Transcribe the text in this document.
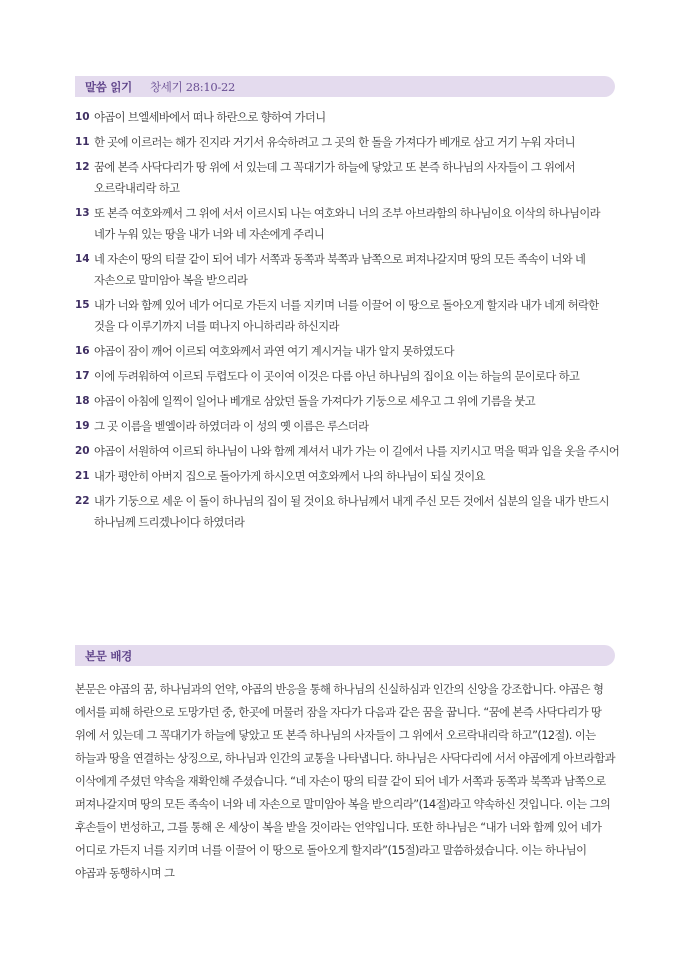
말씀 읽기 창세기 28:10-22
10 야곱이 브엘세바에서 떠나 하란으로 향하여 가더니
11 한 곳에 이르러는 해가 진지라 거기서 유숙하려고 그 곳의 한 돌을 가져다가 베개로 삼고 거기 누워 자더니
12 꿈에 본즉 사닥다리가 땅 위에 서 있는데 그 꼭대기가 하늘에 닿았고 또 본즉 하나님의 사자들이 그 위에서 오르락내리락 하고
13 또 본즉 여호와께서 그 위에 서서 이르시되 나는 여호와니 너의 조부 아브라함의 하나님이요 이삭의 하나님이라 네가 누워 있는 땅을 내가 너와 네 자손에게 주리니
14 네 자손이 땅의 티끌 같이 되어 네가 서쪽과 동쪽과 북쪽과 남쪽으로 퍼져나갈지며 땅의 모든 족속이 너와 네 자손으로 말미암아 복을 받으리라
15 내가 너와 함께 있어 네가 어디로 가든지 너를 지키며 너를 이끌어 이 땅으로 돌아오게 할지라 내가 네게 허락한 것을 다 이루기까지 너를 떠나지 아니하리라 하신지라
16 야곱이 잠이 깨어 이르되 여호와께서 과연 여기 계시거늘 내가 알지 못하였도다
17 이에 두려워하여 이르되 두렵도다 이 곳이여 이것은 다름 아닌 하나님의 집이요 이는 하늘의 문이로다 하고
18 야곱이 아침에 일찍이 일어나 베개로 삼았던 돌을 가져다가 기둥으로 세우고 그 위에 기름을 붓고
19 그 곳 이름을 벧엘이라 하였더라 이 성의 옛 이름은 루스더라
20 야곱이 서원하여 이르되 하나님이 나와 함께 계셔서 내가 가는 이 길에서 나를 지키시고 먹을 떡과 입을 옷을 주시어
21 내가 평안히 아버지 집으로 돌아가게 하시오면 여호와께서 나의 하나님이 되실 것이요
22 내가 기둥으로 세운 이 돌이 하나님의 집이 될 것이요 하나님께서 내게 주신 모든 것에서 십분의 일을 내가 반드시 하나님께 드리겠나이다 하였더라
본문 배경
본문은 야곱의 꿈, 하나님과의 언약, 야곱의 반응을 통해 하나님의 신실하심과 인간의 신앙을 강조합니다. 야곱은 형 에서를 피해 하란으로 도망가던 중, 한곳에 머물러 잠을 자다가 다음과 같은 꿈을 꿉니다. “꿈에 본즉 사닥다리가 땅 위에 서 있는데 그 꼭대기가 하늘에 닿았고 또 본즉 하나님의 사자들이 그 위에서 오르락내리락 하고”(12절). 이는 하늘과 땅을 연결하는 상징으로, 하나님과 인간의 교통을 나타냅니다. 하나님은 사닥다리에 서서 야곱에게 아브라함과 이삭에게 주셨던 약속을 재확인해 주셨습니다. “네 자손이 땅의 티끌 같이 되어 네가 서쪽과 동쪽과 북쪽과 남쪽으로 퍼져나갈지며 땅의 모든 족속이 너와 네 자손으로 말미암아 복을 받으리라”(14절)라고 약속하신 것입니다. 이는 그의 후손들이 번성하고, 그를 통해 온 세상이 복을 받을 것이라는 언약입니다. 또한 하나님은 “내가 너와 함께 있어 네가 어디로 가든지 너를 지키며 너를 이끌어 이 땅으로 돌아오게 할지라”(15절)라고 말씀하셨습니다. 이는 하나님이 야곱과 동행하시며 그
